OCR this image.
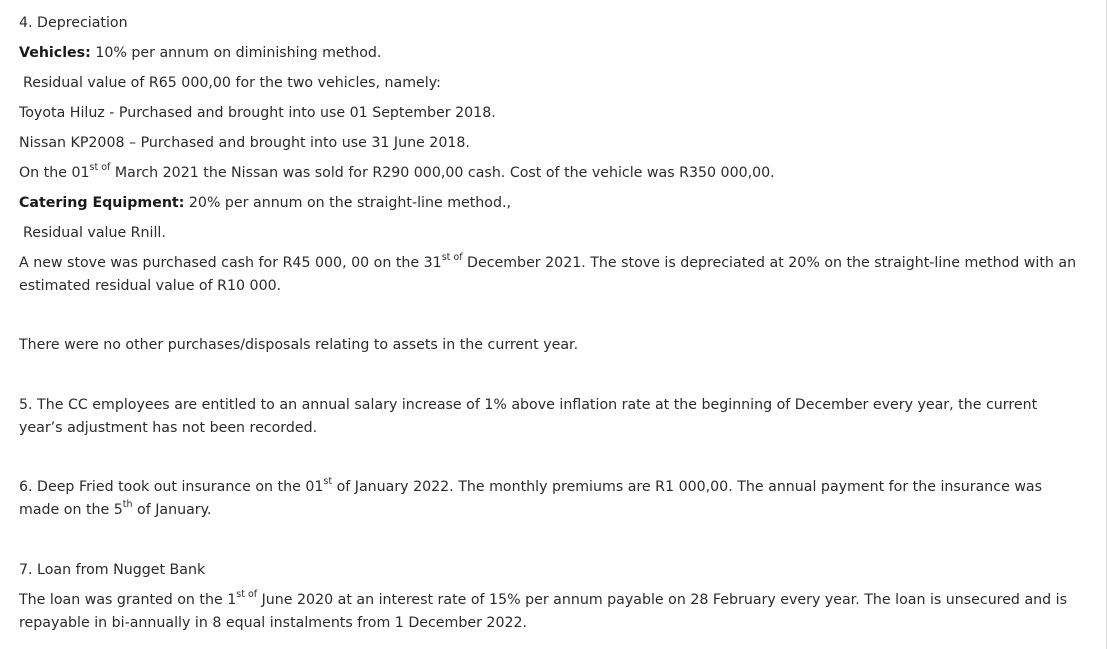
4. Depreciation
Vehicles: 10% per annum on diminishing method.
Residual value of R65 000,00 for the two vehicles, namely:
Toyota Hiluz - Purchased and brought into use 01 September 2018.
Nissan KP2008 – Purchased and brought into use 31 June 2018.
On the $01^{st of}$ March 2021 the Nissan was sold for R290 000,00 cash. Cost of the vehicle was R350 000,00.
Catering Equipment: 20% per annum on the straight-line method.,
Residual value Rnill.
A new stove was purchased cash for R45 000, 00 on the $31^{st of}$ December 2021. The stove is depreciated at 20% on the straight-line method with an estimated residual value of R10 000.
There were no other purchases/disposals relating to assets in the current year.
5. The CC employees are entitled to an annual salary increase of 1% above inflation rate at the beginning of December every year, the current year’s adjustment has not been recorded.
6. Deep Fried took out insurance on the 01st of January 2022. The monthly premiums are R1 000,00. The annual payment for the insurance was made on the 5th of January.
7. Loan from Nugget Bank
The loan was granted on the $1^{st of}$ June 2020 at an interest rate of 15% per annum payable on 28 February every year. The loan is unsecured and is repayable in bi-annually in 8 equal instalments from 1 December 2022.
